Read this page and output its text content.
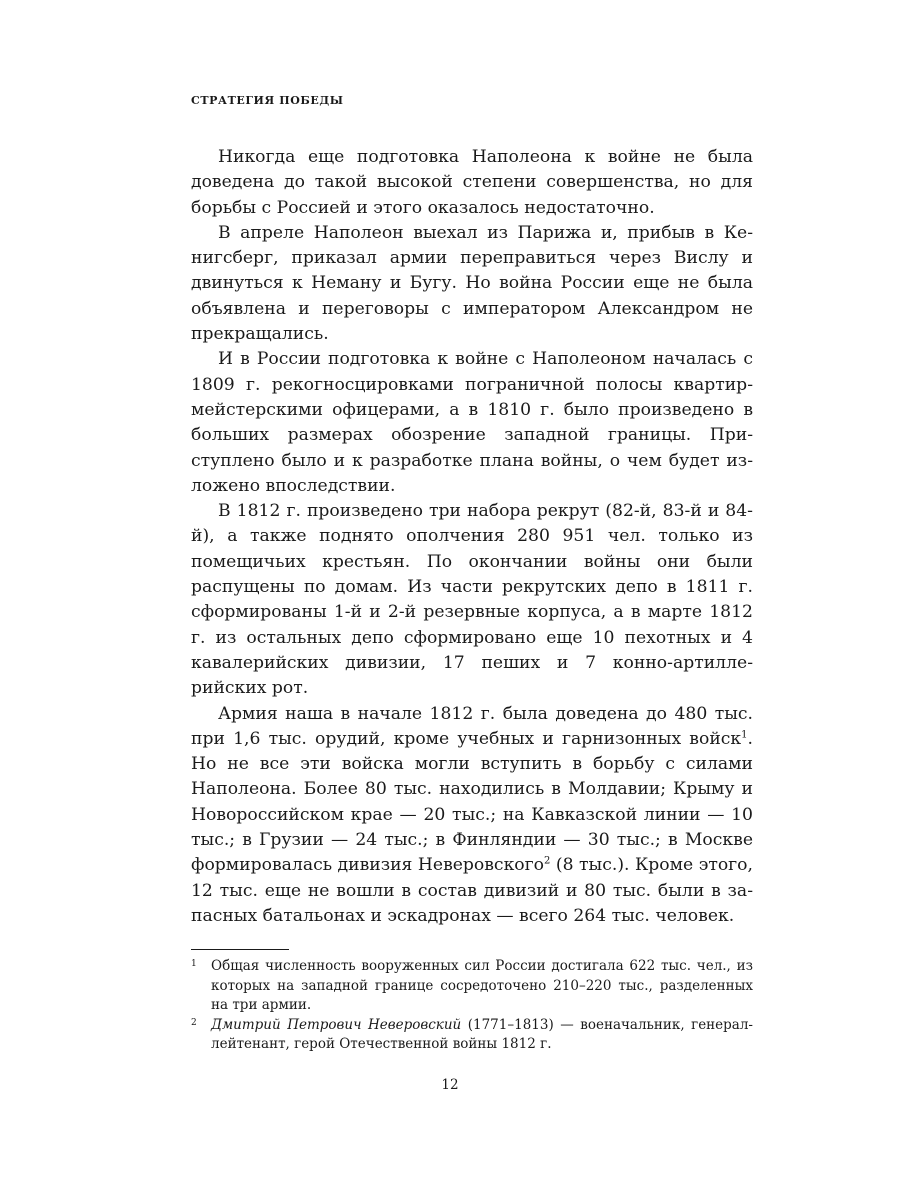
СТРАТЕГИЯ ПОБЕДЫ

Никогда еще подготовка Наполеона к войне не была доведена до такой высокой степени совершенства, но для борьбы с Россией и этого оказалось недостаточно.

В апреле Наполеон выехал из Парижа и, прибыв в Кенигсберг, приказал армии переправиться через Вислу и двинуться к Неману и Бугу. Но война России еще не была объявлена и переговоры с императором Александром не прекращались.

И в России подготовка к войне с Наполеоном началась с 1809 г. рекогносцировками пограничной полосы квартирмейстерскими офицерами, а в 1810 г. было произведено в больших размерах обозрение западной границы. Приступлено было и к разработке плана войны, о чем будет изложено впоследствии.

В 1812 г. произведено три набора рекрут (82-й, 83-й и 84-й), а также поднято ополчения 280 951 чел. только из помещичьих крестьян. По окончании войны они были распущены по домам. Из части рекрутских депо в 1811 г. сформированы 1-й и 2-й резервные корпуса, а в марте 1812 г. из остальных депо сформировано еще 10 пехотных и 4 кавалерийских дивизии, 17 пеших и 7 конно-артиллерийских рот.

Армия наша в начале 1812 г. была доведена до 480 тыс. при 1,6 тыс. орудий, кроме учебных и гарнизонных войск$^1$. Но не все эти войска могли вступить в борьбу с силами Наполеона. Более 80 тыс. находились в Молдавии; Крыму и Новороссийском крае — 20 тыс.; на Кавказской линии — 10 тыс.; в Грузии — 24 тыс.; в Финляндии — 30 тыс.; в Москве формировалась дивизия Неверовского$^2$ (8 тыс.). Кроме этого, 12 тыс. еще не вошли в состав дивизий и 80 тыс. были в запасных батальонах и эскадронах — всего 264 тыс. человек.

1 Общая численность вооруженных сил России достигала 622 тыс. чел., из которых на западной границе сосредоточено 210–220 тыс., разделенных на три армии.
2 Дмитрий Петрович Неверовский (1771–1813) — военачальник, генерал-лейтенант, герой Отечественной войны 1812 г.
12
